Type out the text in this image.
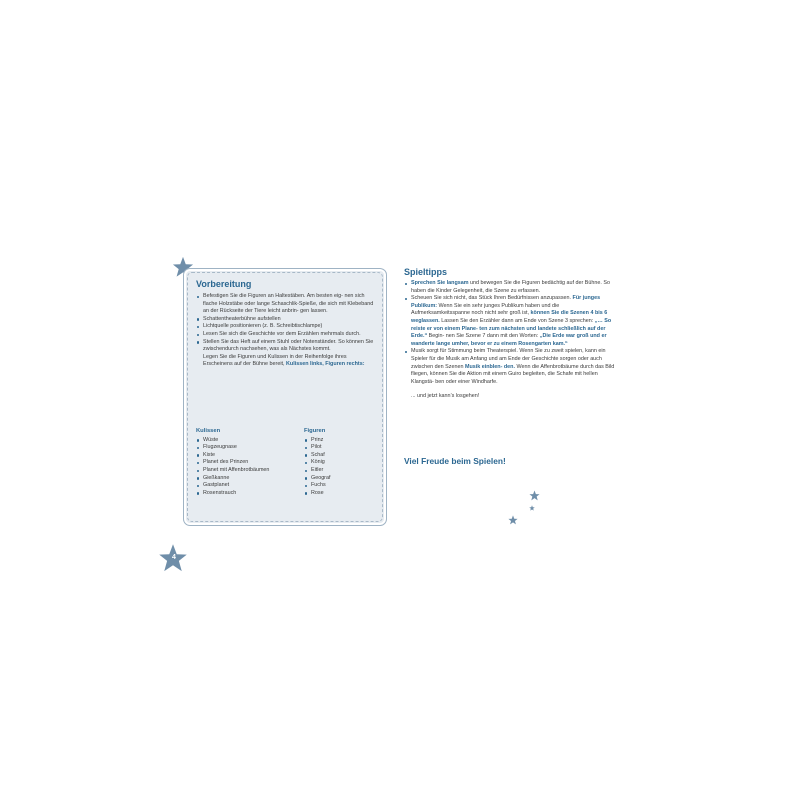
4
Vorbereitung
Befestigen Sie die Figuren an Haltestäben. Am besten eig- nen sich flache Holzstäbe oder lange Schaschlik-Spieße, die sich mit Klebeband an der Rückseite der Tiere leicht anbrin- gen lassen.
Schattentheaterbühne aufstellen
Lichtquelle positionieren (z. B. Schreibtischlampe)
Lesen Sie sich die Geschichte vor dem Erzählen mehrmals durch.
Stellen Sie das Heft auf einem Stuhl oder Notenständer. So können Sie zwischendurch nachsehen, was als Nächstes kommt.
Legen Sie die Figuren und Kulissen in der Reihenfolge ihres Erscheinens auf der Bühne bereit, Kulissen links, Figuren rechts:
Kulissen
Wüste
Flugzeugnase
Kiste
Planet des Prinzen
Planet mit Affenbrotbäumen
Gießkanne
Gastplanet
Rosenstrauch
Figuren
Prinz
Pilot
Schaf
König
Eitler
Geograf
Fuchs
Rose
Spieltipps
Sprechen Sie langsam und bewegen Sie die Figuren bedächtig auf der Bühne. So haben die Kinder Gelegenheit, die Szene zu erfassen.
Scheuen Sie sich nicht, das Stück Ihren Bedürfnissen anzupassen. Für junges Publikum: Wenn Sie ein sehr junges Publikum haben und die Aufmerksamkeitsspanne noch nicht sehr groß ist, können Sie die Szenen 4 bis 6 weglassen. Lassen Sie den Erzähler dann am Ende von Szene 3 sprechen: „… So reiste er von einem Plane- ten zum nächsten und landete schließlich auf der Erde.“ Begin- nen Sie Szene 7 dann mit den Worten: „Die Erde war groß und er wanderte lange umher, bevor er zu einem Rosengarten kam.“
Musik sorgt für Stimmung beim Theaterspiel. Wenn Sie zu zweit spielen, kann ein Spieler für die Musik am Anfang und am Ende der Geschichte sorgen oder auch zwischen den Szenen Musik einblen- den. Wenn die Affenbrotbäume durch das Bild fliegen, können Sie die Aktion mit einem Guiro begleiten, die Schafe mit hellen Klangstä- ben oder einer Windharfe.
... und jetzt kann’s losgehen!
Viel Freude beim Spielen!
